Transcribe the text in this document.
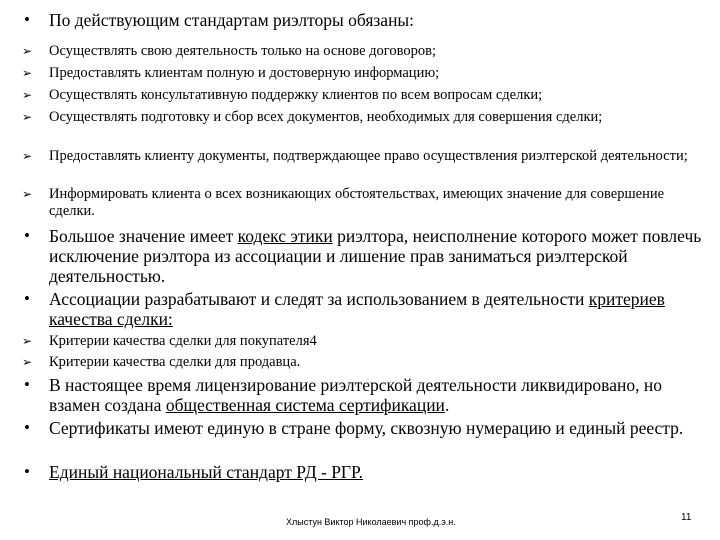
•	По действующим стандартам риэлторы обязаны:
➢	Осуществлять свою деятельность только на основе договоров;
➢	Предоставлять клиентам полную и достоверную информацию;
➢	Осуществлять консультативную поддержку клиентов по всем вопросам сделки;
➢	Осуществлять подготовку и сбор всех документов, необходимых для совершения сделки;
➢	Предоставлять клиенту документы, подтверждающее право осуществления риэлтерской деятельности;
➢	Информировать клиента о всех возникающих обстоятельствах, имеющих значение для совершение сделки.
•	Большое значение имеет кодекс этики риэлтора, неисполнение которого может повлечь исключение риэлтора из ассоциации и лишение прав заниматься риэлтерской деятельностью.
•	Ассоциации разрабатывают и следят за использованием в деятельности критериев качества сделки:
➢	Критерии качества сделки для покупателя4
➢	Критерии качества сделки для продавца.
•	В настоящее время лицензирование риэлтерской деятельности ликвидировано, но взамен создана общественная система сертификации.
•	Сертификаты имеют единую в стране форму, сквозную нумерацию и единый реестр.
•	Единый национальный стандарт РД - РГР.
Хлыстун Виктор Николаевич проф.д.э.н.	11
